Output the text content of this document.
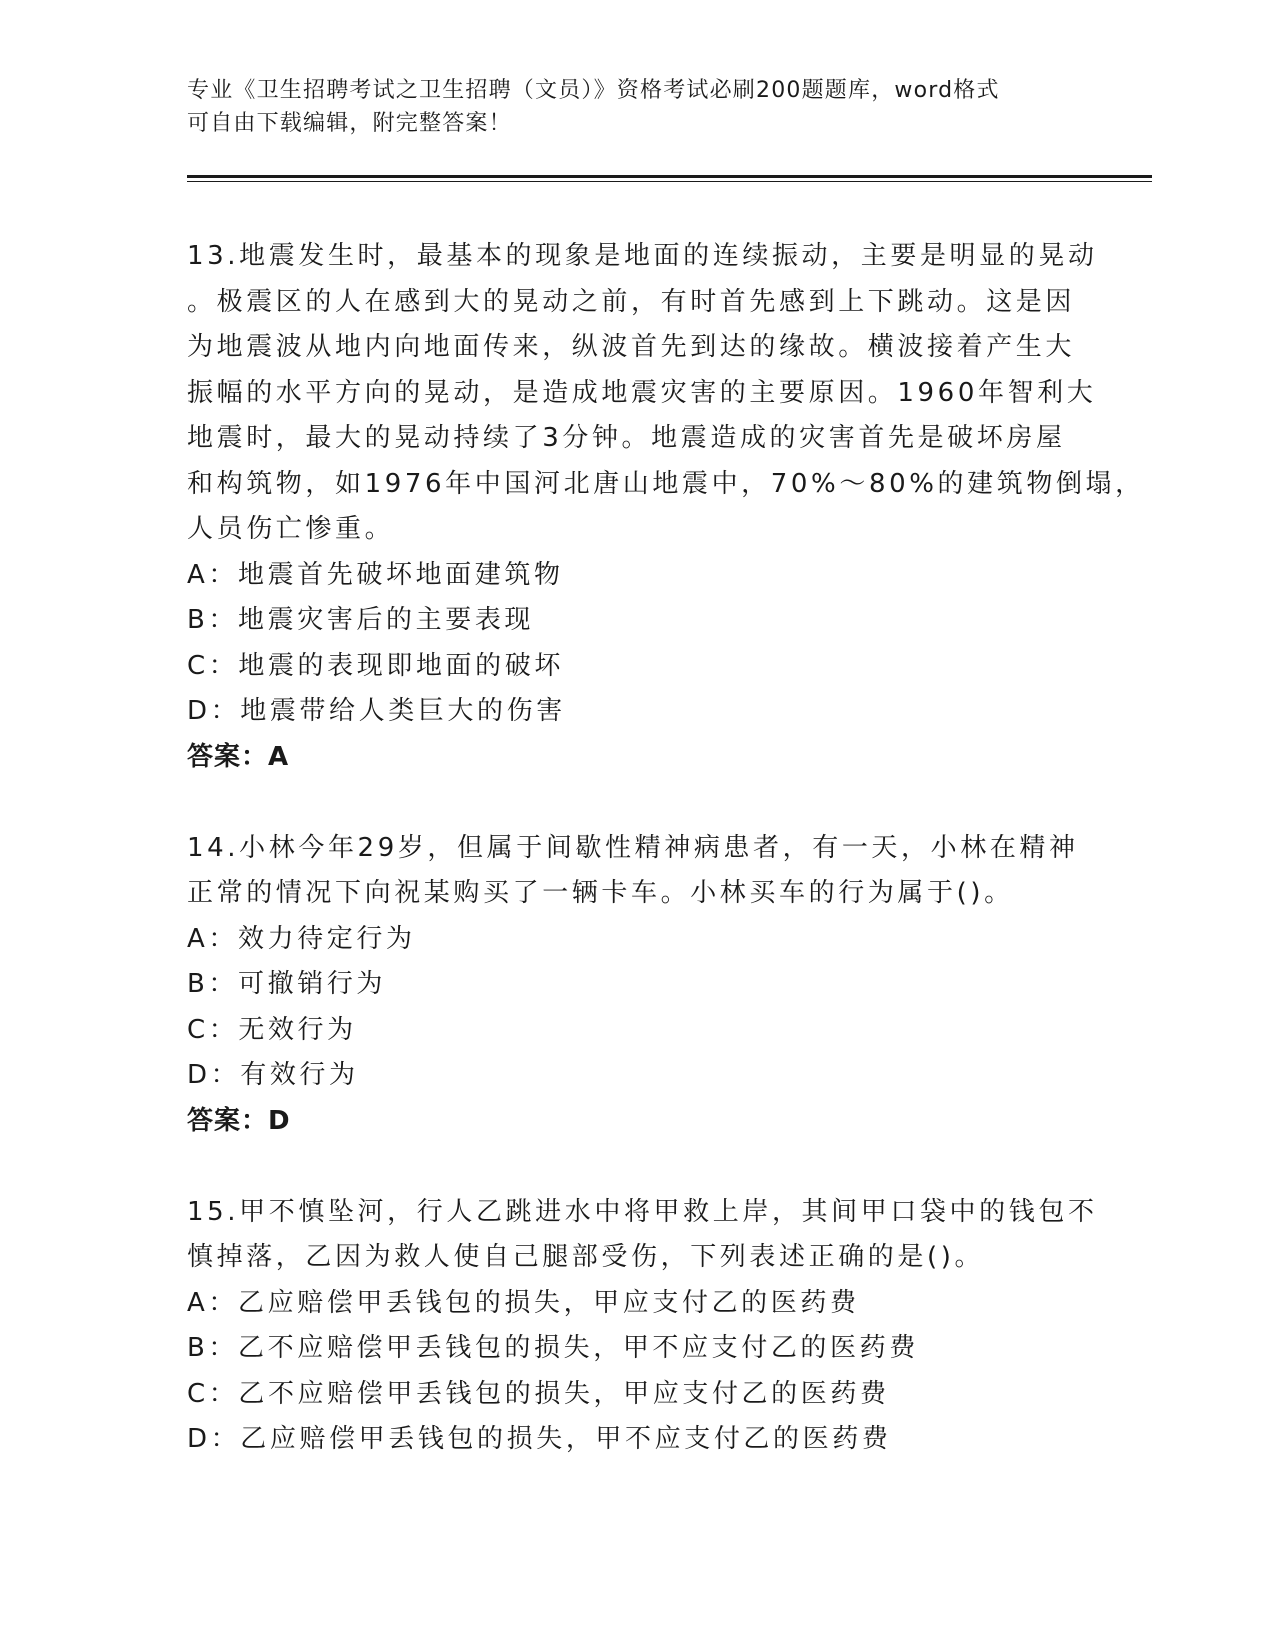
专业《卫生招聘考试之卫生招聘（文员）》资格考试必刷200题题库，word格式
可自由下载编辑，附完整答案！
13.地震发生时，最基本的现象是地面的连续振动，主要是明显的晃动
。极震区的人在感到大的晃动之前，有时首先感到上下跳动。这是因
为地震波从地内向地面传来，纵波首先到达的缘故。横波接着产生大
振幅的水平方向的晃动，是造成地震灾害的主要原因。1960年智利大
地震时，最大的晃动持续了3分钟。地震造成的灾害首先是破坏房屋
和构筑物，如1976年中国河北唐山地震中，70%～80%的建筑物倒塌，
人员伤亡惨重。
A：地震首先破坏地面建筑物
B：地震灾害后的主要表现
C：地震的表现即地面的破坏
D：地震带给人类巨大的伤害
答案：A
14.小林今年29岁，但属于间歇性精神病患者，有一天，小林在精神
正常的情况下向祝某购买了一辆卡车。小林买车的行为属于()。
A：效力待定行为
B：可撤销行为
C：无效行为
D：有效行为
答案：D
15.甲不慎坠河，行人乙跳进水中将甲救上岸，其间甲口袋中的钱包不
慎掉落，乙因为救人使自己腿部受伤，下列表述正确的是()。
A：乙应赔偿甲丢钱包的损失，甲应支付乙的医药费
B：乙不应赔偿甲丢钱包的损失，甲不应支付乙的医药费
C：乙不应赔偿甲丢钱包的损失，甲应支付乙的医药费
D：乙应赔偿甲丢钱包的损失，甲不应支付乙的医药费
